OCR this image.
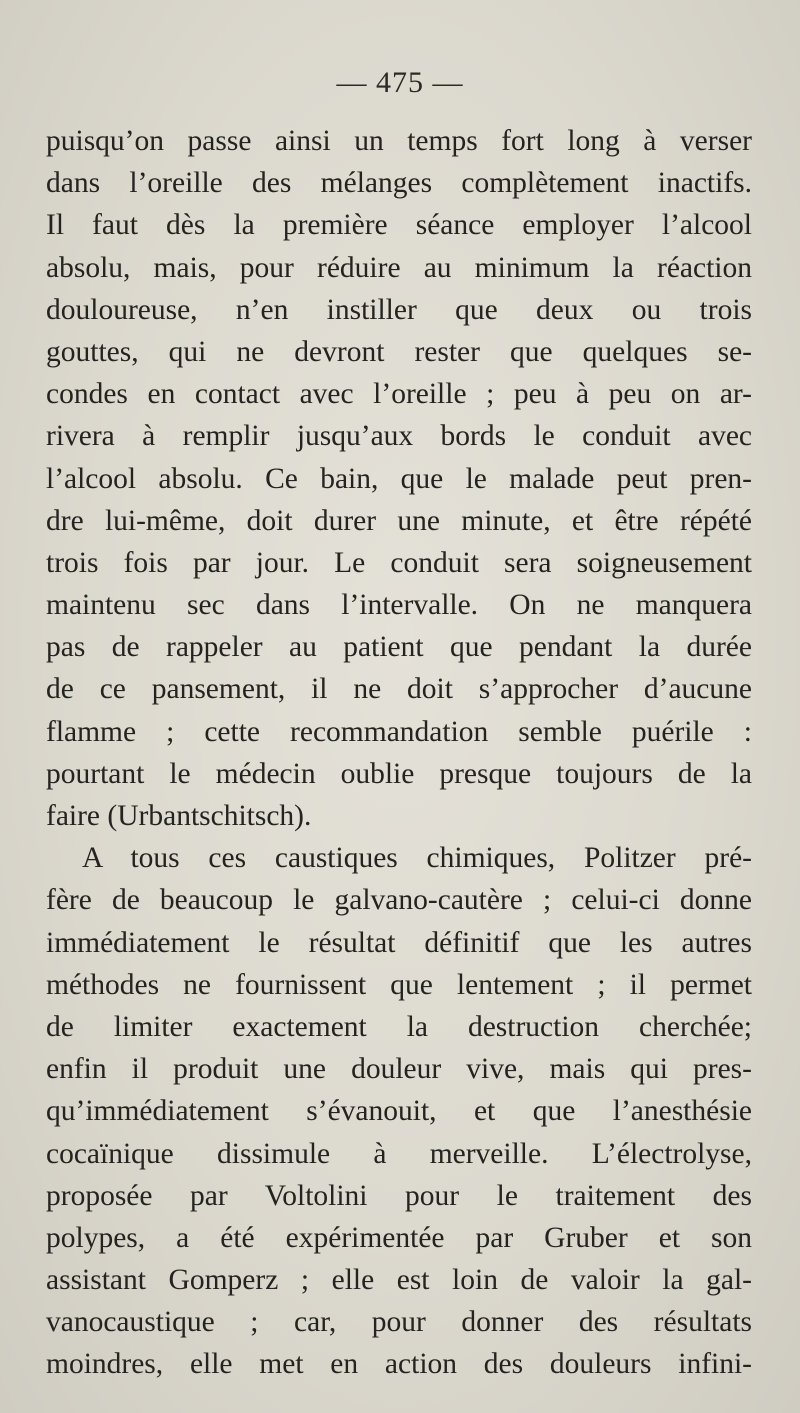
— 475 —
puisqu’on passe ainsi un temps fort long à verser
dans l’oreille des mélanges complètement inactifs.
Il faut dès la première séance employer l’alcool
absolu, mais, pour réduire au minimum la réaction
douloureuse, n’en instiller que deux ou trois
gouttes, qui ne devront rester que quelques se-
condes en contact avec l’oreille ; peu à peu on ar-
rivera à remplir jusqu’aux bords le conduit avec
l’alcool absolu. Ce bain, que le malade peut pren-
dre lui-même, doit durer une minute, et être répété
trois fois par jour. Le conduit sera soigneusement
maintenu sec dans l’intervalle. On ne manquera
pas de rappeler au patient que pendant la durée
de ce pansement, il ne doit s’approcher d’aucune
flamme ; cette recommandation semble puérile :
pourtant le médecin oublie presque toujours de la
faire (Urbantschitsch).
A tous ces caustiques chimiques, Politzer pré-
fère de beaucoup le galvano-cautère ; celui-ci donne
immédiatement le résultat définitif que les autres
méthodes ne fournissent que lentement ; il permet
de limiter exactement la destruction cherchée;
enfin il produit une douleur vive, mais qui pres-
qu’immédiatement s’évanouit, et que l’anesthésie
cocaïnique dissimule à merveille. L’électrolyse,
proposée par Voltolini pour le traitement des
polypes, a été expérimentée par Gruber et son
assistant Gomperz ; elle est loin de valoir la gal-
vanocaustique ; car, pour donner des résultats
moindres, elle met en action des douleurs infini-
